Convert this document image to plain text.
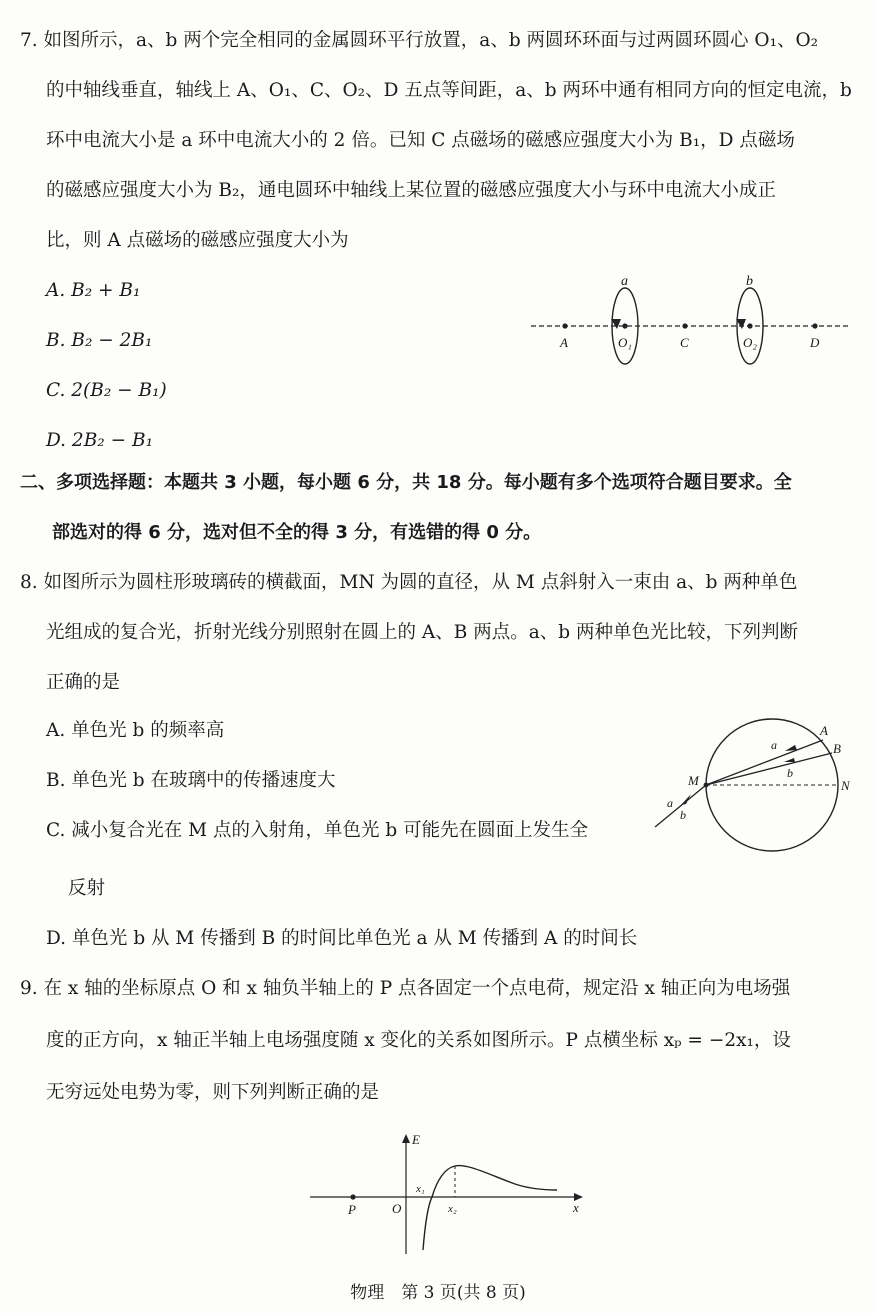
7. 如图所示，a、b 两个完全相同的金属圆环平行放置，a、b 两圆环环面与过两圆环圆心 O₁、O₂
的中轴线垂直，轴线上 A、O₁、C、O₂、D 五点等间距，a、b 两环中通有相同方向的恒定电流，b
环中电流大小是 a 环中电流大小的 2 倍。已知 C 点磁场的磁感应强度大小为 B₁，D 点磁场
的磁感应强度大小为 B₂，通电圆环中轴线上某位置的磁感应强度大小与环中电流大小成正
比，则 A 点磁场的磁感应强度大小为
A. B₂ + B₁
B. B₂ − 2B₁
C. 2(B₂ − B₁)
D. 2B₂ − B₁
a	b
A	O₁	C	O₂	D
二、多项选择题：本题共 3 小题，每小题 6 分，共 18 分。每小题有多个选项符合题目要求。全
部选对的得 6 分，选对但不全的得 3 分，有选错的得 0 分。
8. 如图所示为圆柱形玻璃砖的横截面，MN 为圆的直径，从 M 点斜射入一束由 a、b 两种单色
光组成的复合光，折射光线分别照射在圆上的 A、B 两点。a、b 两种单色光比较，下列判断
正确的是
A. 单色光 b 的频率高
B. 单色光 b 在玻璃中的传播速度大
C. 减小复合光在 M 点的入射角，单色光 b 可能先在圆面上发生全
反射
D. 单色光 b 从 M 传播到 B 的时间比单色光 a 从 M 传播到 A 的时间长
A
B
M	N
a
b
a
b
9. 在 x 轴的坐标原点 O 和 x 轴负半轴上的 P 点各固定一个点电荷，规定沿 x 轴正向为电场强
度的正方向，x 轴正半轴上电场强度随 x 变化的关系如图所示。P 点横坐标 xₚ = −2x₁，设
无穷远处电势为零，则下列判断正确的是
E
x
O
P
x₁
x₂
物理　第 3 页(共 8 页)
